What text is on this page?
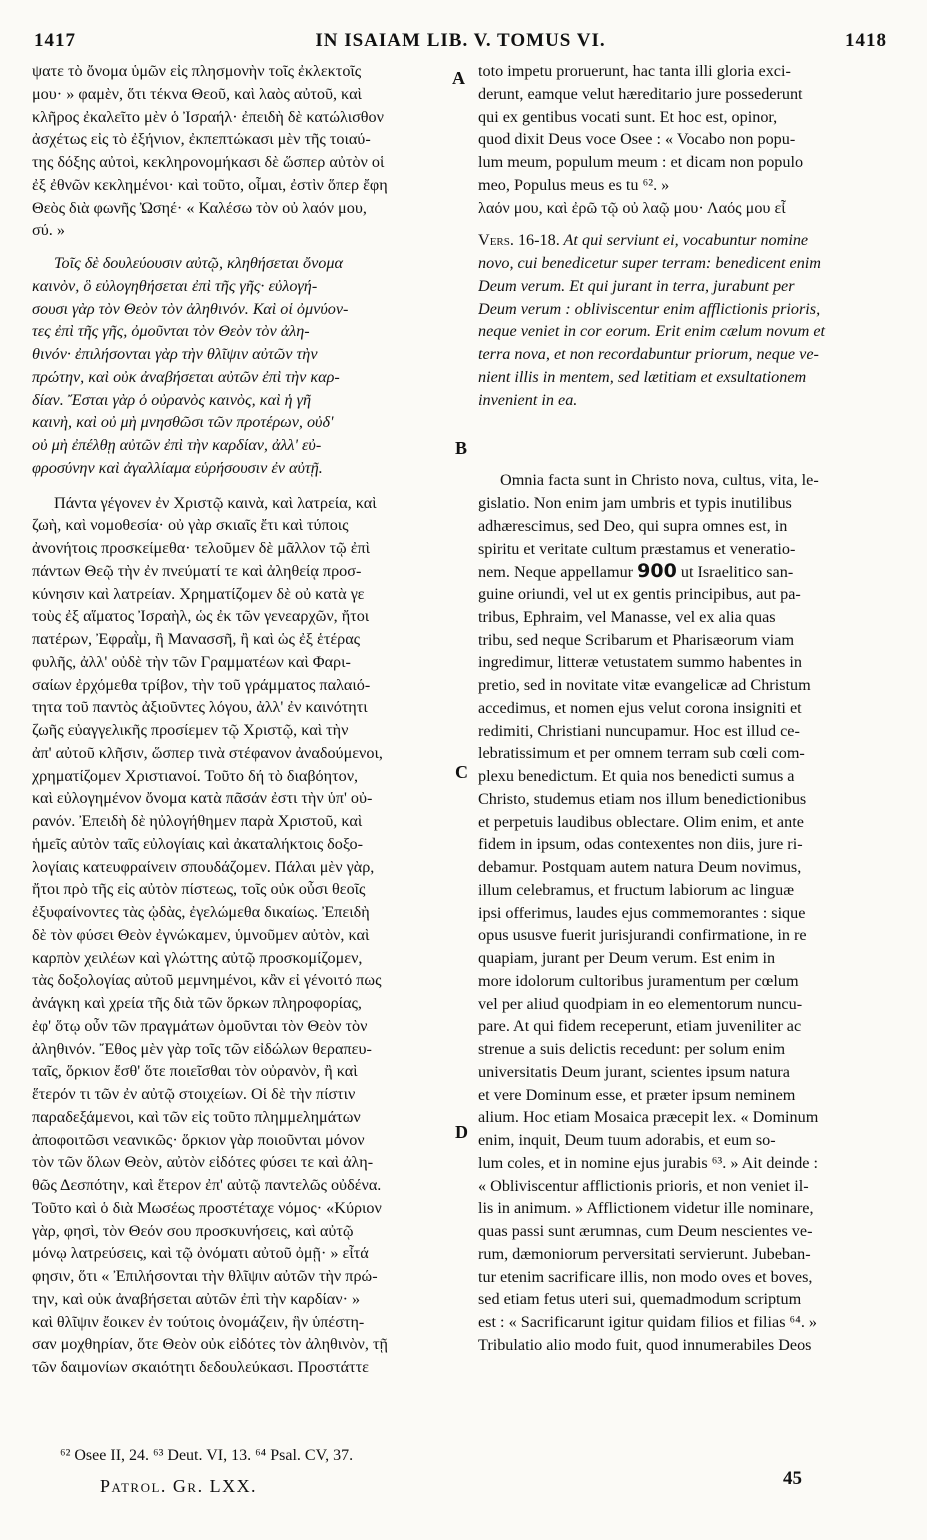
1417	IN ISAIAM LIB. V. TOMUS VI.	1418
ψατε τὸ ὄνομα ὑμῶν εἰς πλησμονὴν τοῖς ἐκλεκτοῖς
μου· » φαμὲν, ὅτι τέκνα Θεοῦ, καὶ λαὸς αὐτοῦ, καὶ
κλῆρος ἐκαλεῖτο μὲν ὁ Ἰσραήλ· ἐπειδὴ δὲ κατώλισθον
ἀσχέτως εἰς τὸ ἐξήνιον, ἐκπεπτώκασι μὲν τῆς τοιαύ-
της δόξης αὐτοὶ, κεκληρονομήκασι δὲ ὥσπερ αὐτὸν οἱ
ἐξ ἐθνῶν κεκλημένοι· καὶ τοῦτο, οἶμαι, ἐστὶν ὅπερ ἔφη
Θεὸς διὰ φωνῆς Ὠσηέ· « Καλέσω τὸν οὐ λαόν μου,
σύ. »
Τοῖς δὲ δουλεύουσιν αὐτῷ, κληθήσεται ὄνομα
καινὸν, ὃ εὐλογηθήσεται ἐπὶ τῆς γῆς· εὐλογή-
σουσι γὰρ τὸν Θεὸν τὸν ἀληθινόν. Καὶ οἱ ὀμνύον-
τες ἐπὶ τῆς γῆς, ὀμοῦνται τὸν Θεὸν τὸν ἀλη-
θινόν· ἐπιλήσονται γὰρ τὴν θλῖψιν αὐτῶν τὴν
πρώτην, καὶ οὐκ ἀναβήσεται αὐτῶν ἐπὶ τὴν καρ-
δίαν. Ἔσται γὰρ ὁ οὐρανὸς καινὸς, καὶ ἡ γῆ
καινὴ, καὶ οὐ μὴ μνησθῶσι τῶν προτέρων, οὐδ'
οὐ μὴ ἐπέλθῃ αὐτῶν ἐπὶ τὴν καρδίαν, ἀλλ' εὐ-
φροσύνην καὶ ἀγαλλίαμα εὑρήσουσιν ἐν αὐτῇ.
Πάντα γέγονεν ἐν Χριστῷ καινὰ, καὶ λατρεία, καὶ
ζωὴ, καὶ νομοθεσία· οὐ γὰρ σκιαῖς ἔτι καὶ τύποις
ἀνονήτοις προσκείμεθα· τελοῦμεν δὲ μᾶλλον τῷ ἐπὶ
πάντων Θεῷ τὴν ἐν πνεύματί τε καὶ ἀληθείᾳ προσ-
κύνησιν καὶ λατρείαν. Χρηματίζομεν δὲ οὐ κατὰ γε
τοὺς ἐξ αἵματος Ἰσραὴλ, ὡς ἐκ τῶν γενεαρχῶν, ἤτοι
πατέρων, Ἐφραῒμ, ἢ Μανασσῆ, ἢ καὶ ὡς ἐξ ἑτέρας
φυλῆς, ἀλλ' οὐδὲ τὴν τῶν Γραμματέων καὶ Φαρι-
σαίων ἐρχόμεθα τρίβον, τὴν τοῦ γράμματος παλαιό-
τητα τοῦ παντὸς ἀξιοῦντες λόγου, ἀλλ' ἐν καινότητι
ζωῆς εὐαγγελικῆς προσίεμεν τῷ Χριστῷ, καὶ τὴν
ἀπ' αὐτοῦ κλῆσιν, ὥσπερ τινὰ στέφανον ἀναδούμενοι,
χρηματίζομεν Χριστιανοί. Τοῦτο δή τὸ διαβόητον,
καὶ εὐλογημένον ὄνομα κατὰ πᾶσάν ἐστι τὴν ὑπ' οὐ-
ρανόν. Ἐπειδὴ δὲ ηὐλογήθημεν παρὰ Χριστοῦ, καὶ
ἡμεῖς αὐτὸν ταῖς εὐλογίαις καὶ ἀκαταλήκτοις δοξο-
λογίαις κατευφραίνειν σπουδάζομεν. Πάλαι μὲν γὰρ,
ἤτοι πρὸ τῆς εἰς αὐτὸν πίστεως, τοῖς οὐκ οὖσι θεοῖς
ἐξυφαίνοντες τὰς ᾠδὰς, ἐγελώμεθα δικαίως. Ἐπειδὴ
δὲ τὸν φύσει Θεὸν ἐγνώκαμεν, ὑμνοῦμεν αὐτὸν, καὶ
καρπὸν χειλέων καὶ γλώττης αὐτῷ προσκομίζομεν,
τὰς δοξολογίας αὐτοῦ μεμνημένοι, κἂν εἰ γένοιτό πως
ἀνάγκη καὶ χρεία τῆς διὰ τῶν ὅρκων πληροφορίας,
ἐφ' ὅτῳ οὖν τῶν πραγμάτων ὀμοῦνται τὸν Θεὸν τὸν
ἀληθινόν. Ἔθος μὲν γὰρ τοῖς τῶν εἰδώλων θεραπευ-
ταῖς, ὅρκιον ἔσθ' ὅτε ποιεῖσθαι τὸν οὐρανὸν, ἢ καὶ
ἕτερόν τι τῶν ἐν αὐτῷ στοιχείων. Οἱ δὲ τὴν πίστιν
παραδεξάμενοι, καὶ τῶν εἰς τοῦτο πλημμελημάτων
ἀποφοιτῶσι νεανικῶς· ὅρκιον γὰρ ποιοῦνται μόνον
τὸν τῶν ὅλων Θεὸν, αὐτὸν εἰδότες φύσει τε καὶ ἀλη-
θῶς Δεσπότην, καὶ ἕτερον ἐπ' αὐτῷ παντελῶς οὐδένα.
Τοῦτο καὶ ὁ διὰ Μωσέως προστέταχε νόμος· «Κύριον
γὰρ, φησὶ, τὸν Θεόν σου προσκυνήσεις, καὶ αὐτῷ
μόνῳ λατρεύσεις, καὶ τῷ ὀνόματι αὐτοῦ ὀμῇ· » εἶτά
φησιν, ὅτι « Ἐπιλήσονται τὴν θλῖψιν αὐτῶν τὴν πρώ-
την, καὶ οὐκ ἀναβήσεται αὐτῶν ἐπὶ τὴν καρδίαν· »
καὶ θλῖψιν ἔοικεν ἐν τούτοις ὀνομάζειν, ἣν ὑπέστη-
σαν μοχθηρίαν, ὅτε Θεὸν οὐκ εἰδότες τὸν ἀληθινὸν, τῇ
τῶν δαιμονίων σκαιότητι δεδουλεύκασι. Προστάττε
toto impetu proruerunt, hac tanta illi gloria exci-
derunt, eamque velut hæreditario jure possederunt
qui ex gentibus vocati sunt. Et hoc est, opinor,
quod dixit Deus voce Osee : « Vocabo non popu-
lum meum, populum meum : et dicam non populo
meo, Populus meus es tu ⁶². »
λαόν μου, καὶ ἐρῶ τῷ οὐ λαῷ μου· Λαός μου εἶ
Vers. 16-18. At qui serviunt ei, vocabuntur nomine
novo, cui benedicetur super terram: benedicent enim
Deum verum. Et qui jurant in terra, jurabunt per
Deum verum : obliviscentur enim afflictionis prioris,
neque veniet in cor eorum. Erit enim cælum novum et
terra nova, et non recordabuntur priorum, neque ve-
nient illis in mentem, sed lætitiam et exsultationem
invenient in ea.
Omnia facta sunt in Christo nova, cultus, vita, le-
gislatio. Non enim jam umbris et typis inutilibus
adhærescimus, sed Deo, qui supra omnes est, in
spiritu et veritate cultum præstamus et veneratio-
nem. Neque appellamur 900 ut Israelitico san-
guine oriundi, vel ut ex gentis principibus, aut pa-
tribus, Ephraim, vel Manasse, vel ex alia quas
tribu, sed neque Scribarum et Pharisæorum viam
ingredimur, litteræ vetustatem summo habentes in
pretio, sed in novitate vitæ evangelicæ ad Christum
accedimus, et nomen ejus velut corona insigniti et
redimiti, Christiani nuncupamur. Hoc est illud ce-
lebratissimum et per omnem terram sub cœli com-
plexu benedictum. Et quia nos benedicti sumus a
Christo, studemus etiam nos illum benedictionibus
et perpetuis laudibus oblectare. Olim enim, et ante
fidem in ipsum, odas contexentes non diis, jure ri-
debamur. Postquam autem natura Deum novimus,
illum celebramus, et fructum labiorum ac linguæ
ipsi offerimus, laudes ejus commemorantes : sique
opus ususve fuerit jurisjurandi confirmatione, in re
quapiam, jurant per Deum verum. Est enim in
more idolorum cultoribus juramentum per cœlum
vel per aliud quodpiam in eo elementorum nuncu-
pare. At qui fidem receperunt, etiam juveniliter ac
strenue a suis delictis recedunt: per solum enim
universitatis Deum jurant, scientes ipsum natura
et vere Dominum esse, et præter ipsum neminem
alium. Hoc etiam Mosaica præcepit lex. « Dominum
enim, inquit, Deum tuum adorabis, et eum so-
lum coles, et in nomine ejus jurabis ⁶³. » Ait deinde :
« Obliviscentur afflictionis prioris, et non veniet il-
lis in animum. » Afflictionem videtur ille nominare,
quas passi sunt ærumnas, cum Deum nescientes ve-
rum, dæmoniorum perversitati servierunt. Jubeban-
tur etenim sacrificare illis, non modo oves et boves,
sed etiam fetus uteri sui, quemadmodum scriptum
est : « Sacrificarunt igitur quidam filios et filias ⁶⁴. »
Tribulatio alio modo fuit, quod innumerabiles Deos
A
B
C
D
⁶² Osee II, 24. ⁶³ Deut. VI, 13. ⁶⁴ Psal. CV, 37.
Patrol. Gr. LXX.	45
